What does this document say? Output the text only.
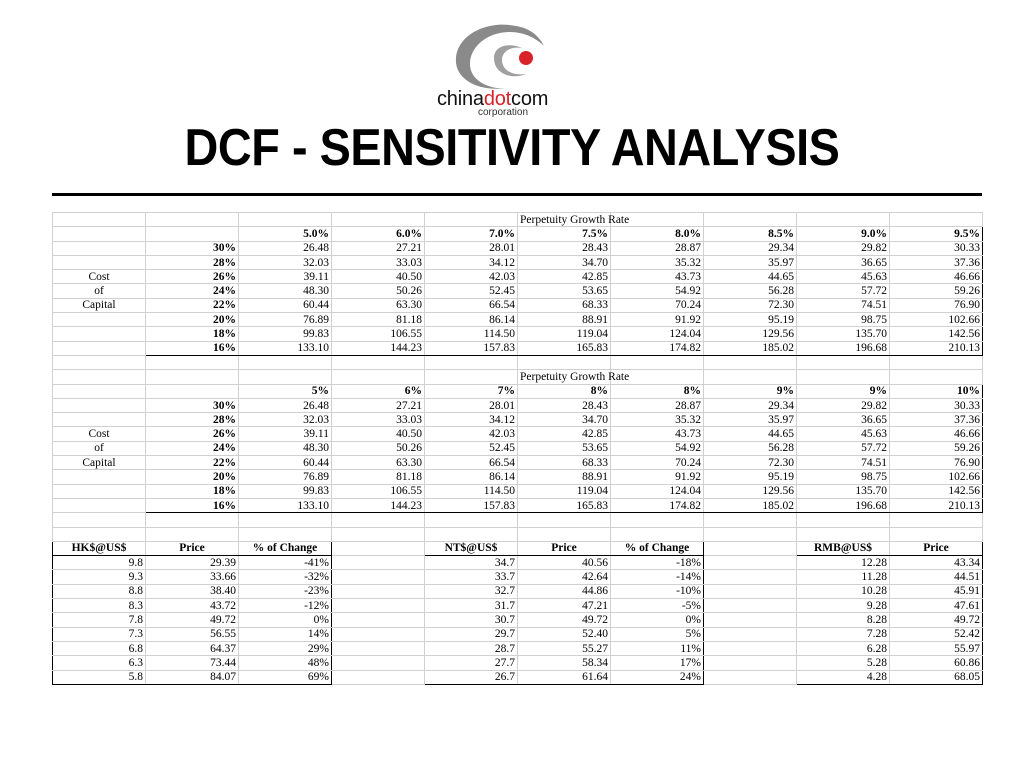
chinadotcom
corporation
DCF - SENSITIVITY ANALYSIS
					Perpetuity Growth Rate				
		5.0%	6.0%	7.0%	7.5%	8.0%	8.5%	9.0%	9.5%
	30%	26.48	27.21	28.01	28.43	28.87	29.34	29.82	30.33
	28%	32.03	33.03	34.12	34.70	35.32	35.97	36.65	37.36
Cost	26%	39.11	40.50	42.03	42.85	43.73	44.65	45.63	46.66
of	24%	48.30	50.26	52.45	53.65	54.92	56.28	57.72	59.26
Capital	22%	60.44	63.30	66.54	68.33	70.24	72.30	74.51	76.90
	20%	76.89	81.18	86.14	88.91	91.92	95.19	98.75	102.66
	18%	99.83	106.55	114.50	119.04	124.04	129.56	135.70	142.56
	16%	133.10	144.23	157.83	165.83	174.82	185.02	196.68	210.13

					Perpetuity Growth Rate				
		5%	6%	7%	8%	8%	9%	9%	10%
	30%	26.48	27.21	28.01	28.43	28.87	29.34	29.82	30.33
	28%	32.03	33.03	34.12	34.70	35.32	35.97	36.65	37.36
Cost	26%	39.11	40.50	42.03	42.85	43.73	44.65	45.63	46.66
of	24%	48.30	50.26	52.45	53.65	54.92	56.28	57.72	59.26
Capital	22%	60.44	63.30	66.54	68.33	70.24	72.30	74.51	76.90
	20%	76.89	81.18	86.14	88.91	91.92	95.19	98.75	102.66
	18%	99.83	106.55	114.50	119.04	124.04	129.56	135.70	142.56
	16%	133.10	144.23	157.83	165.83	174.82	185.02	196.68	210.13

HK$@US$	Price	% of Change		NT$@US$	Price	% of Change		RMB@US$	Price
9.8	29.39	-41%		34.7	40.56	-18%		12.28	43.34
9.3	33.66	-32%		33.7	42.64	-14%		11.28	44.51
8.8	38.40	-23%		32.7	44.86	-10%		10.28	45.91
8.3	43.72	-12%		31.7	47.21	-5%		9.28	47.61
7.8	49.72	0%		30.7	49.72	0%		8.28	49.72
7.3	56.55	14%		29.7	52.40	5%		7.28	52.42
6.8	64.37	29%		28.7	55.27	11%		6.28	55.97
6.3	73.44	48%		27.7	58.34	17%		5.28	60.86
5.8	84.07	69%		26.7	61.64	24%		4.28	68.05
